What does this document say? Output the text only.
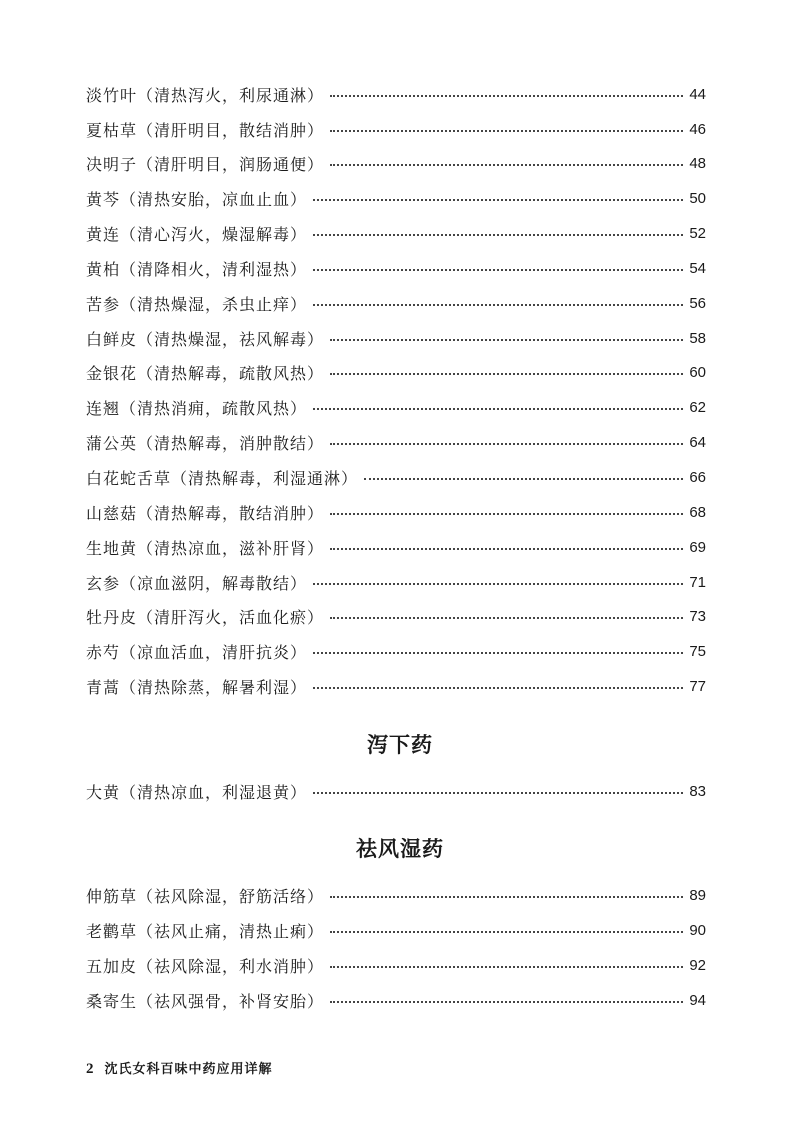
淡竹叶（清热泻火，利尿通淋）	44
夏枯草（清肝明目，散结消肿）	46
决明子（清肝明目，润肠通便）	48
黄芩（清热安胎，凉血止血）	50
黄连（清心泻火，燥湿解毒）	52
黄柏（清降相火，清利湿热）	54
苦参（清热燥湿，杀虫止痒）	56
白鲜皮（清热燥湿，祛风解毒）	58
金银花（清热解毒，疏散风热）	60
连翘（清热消痈，疏散风热）	62
蒲公英（清热解毒，消肿散结）	64
白花蛇舌草（清热解毒，利湿通淋）	66
山慈菇（清热解毒，散结消肿）	68
生地黄（清热凉血，滋补肝肾）	69
玄参（凉血滋阴，解毒散结）	71
牡丹皮（清肝泻火，活血化瘀）	73
赤芍（凉血活血，清肝抗炎）	75
青蒿（清热除蒸，解暑利湿）	77
泻下药
大黄（清热凉血，利湿退黄）	83
祛风湿药
伸筋草（祛风除湿，舒筋活络）	89
老鹳草（祛风止痛，清热止痢）	90
五加皮（祛风除湿，利水消肿）	92
桑寄生（祛风强骨，补肾安胎）	94
2 沈氏女科百味中药应用详解
